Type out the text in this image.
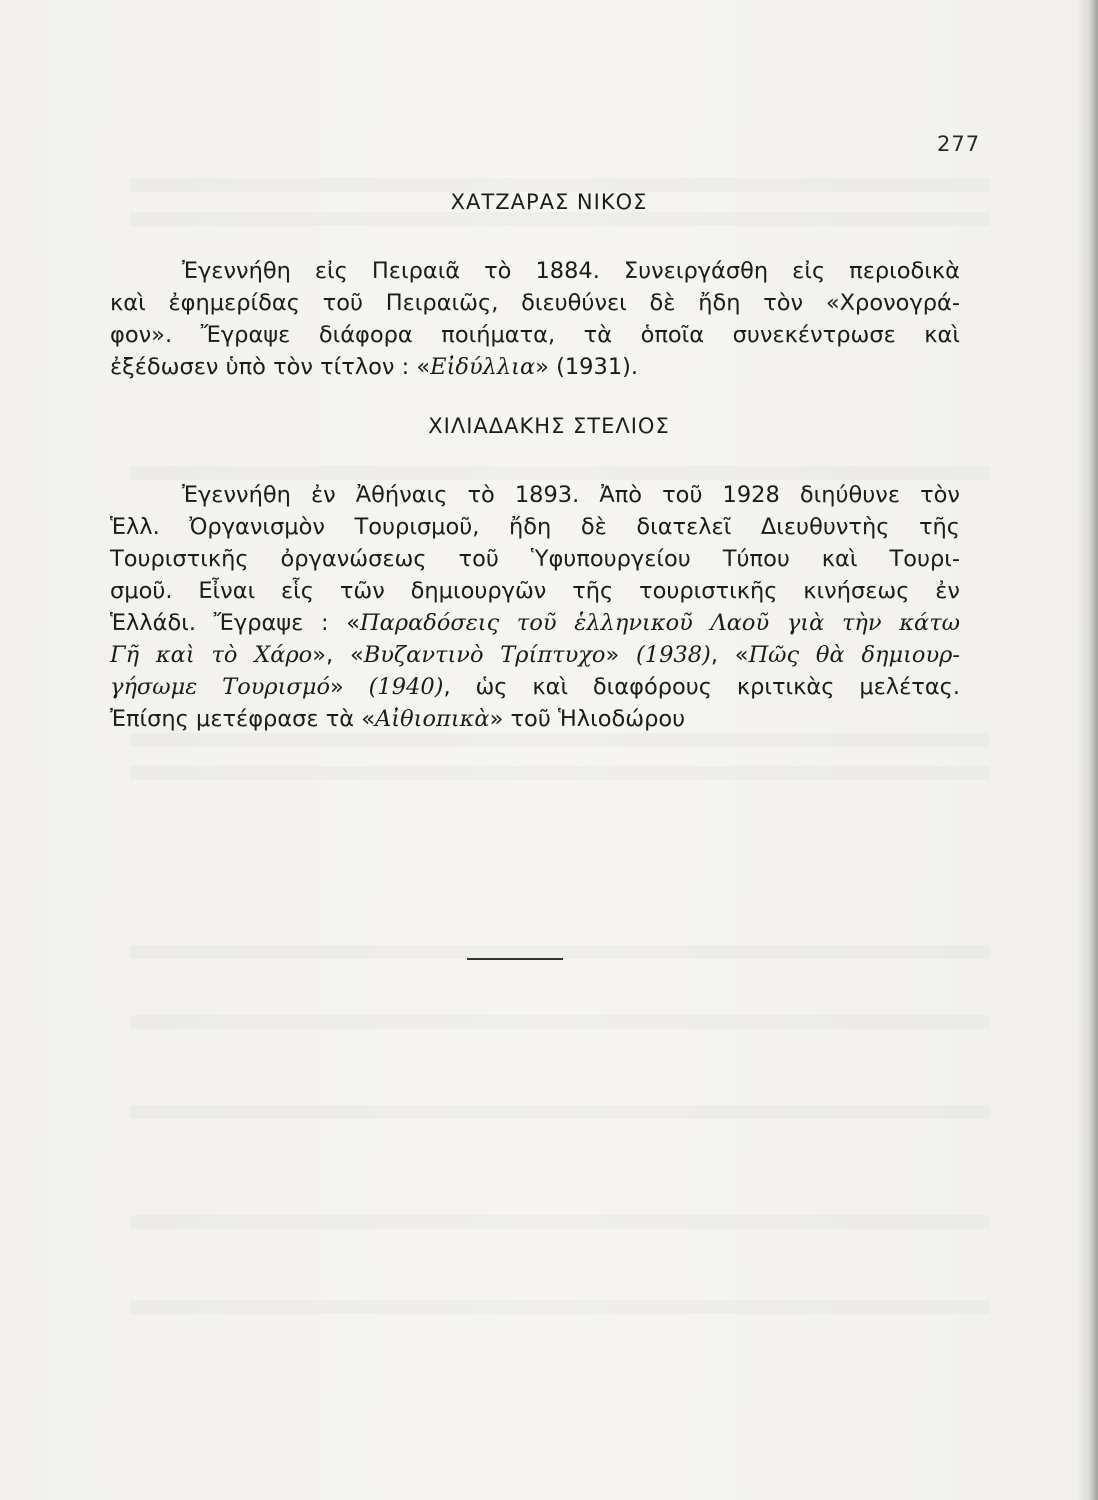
277
ΧΑΤΖΑΡΑΣ ΝΙΚΟΣ
Ἐγεννήθη εἰς Πειραιᾶ τὸ 1884. Συνειργάσθη εἰς περιοδικὰ
καὶ ἐφημερίδας τοῦ Πειραιῶς, διευθύνει δὲ ἤδη τὸν «Χρονογρά-
φον». Ἔγραψε διάφορα ποιήματα, τὰ ὁποῖα συνεκέντρωσε καὶ
ἐξέδωσεν ὑπὸ τὸν τίτλον : «Εἰδύλλια» (1931).
ΧΙΛΙΑΔΑΚΗΣ ΣΤΕΛΙΟΣ
Ἐγεννήθη ἐν Ἀθήναις τὸ 1893. Ἀπὸ τοῦ 1928 διηύθυνε τὸν
Ἑλλ. Ὀργανισμὸν Τουρισμοῦ, ἤδη δὲ διατελεῖ Διευθυντὴς τῆς
Τουριστικῆς ὀργανώσεως τοῦ Ὑφυπουργείου Τύπου καὶ Τουρι-
σμοῦ. Εἶναι εἷς τῶν δημιουργῶν τῆς τουριστικῆς κινήσεως ἐν
Ἑλλάδι. Ἔγραψε : «Παραδόσεις τοῦ ἑλληνικοῦ Λαοῦ γιὰ τὴν κάτω
Γῆ καὶ τὸ Χάρο», «Βυζαντινὸ Τρίπτυχο» (1938), «Πῶς θὰ δημιουρ-
γήσωμε Τουρισμό» (1940), ὡς καὶ διαφόρους κριτικὰς μελέτας.
Ἐπίσης μετέφρασε τὰ «Αἰθιοπικὰ» τοῦ Ἡλιοδώρου
